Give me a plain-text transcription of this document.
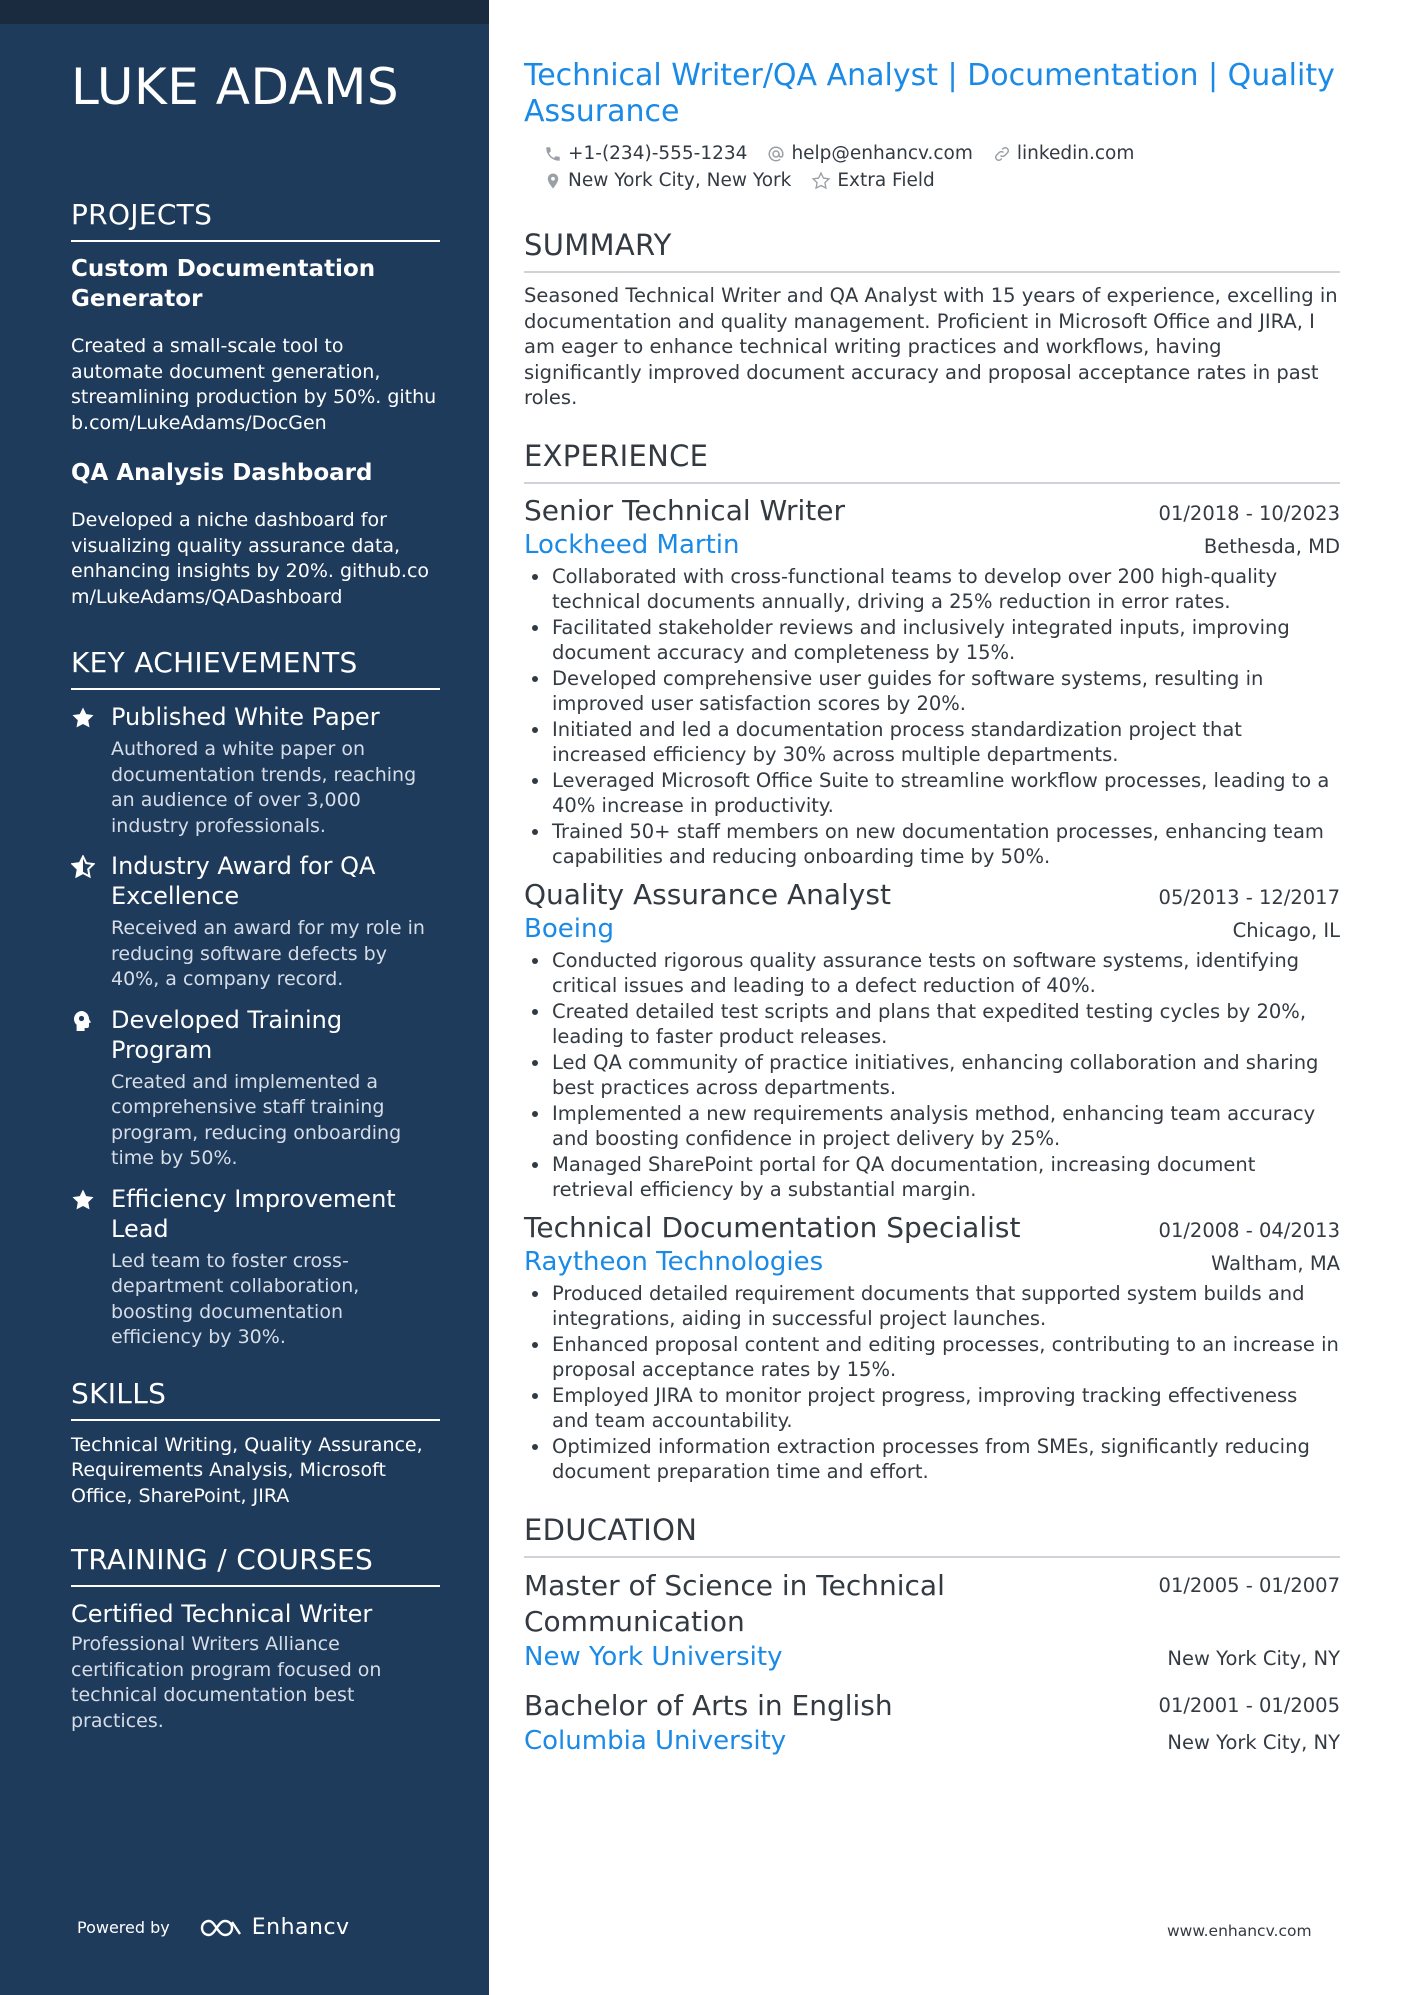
LUKE ADAMS
PROJECTS
Custom Documentation Generator
Created a small-scale tool to automate document generation, streamlining production by 50%. github.com/LukeAdams/DocGen
QA Analysis Dashboard
Developed a niche dashboard for visualizing quality assurance data, enhancing insights by 20%. github.com/LukeAdams/QADashboard
KEY ACHIEVEMENTS
Published White Paper
Authored a white paper on documentation trends, reaching an audience of over 3,000 industry professionals.
Industry Award for QA Excellence
Received an award for my role in reducing software defects by 40%, a company record.
Developed Training Program
Created and implemented a comprehensive staff training program, reducing onboarding time by 50%.
Efficiency Improvement Lead
Led team to foster cross-department collaboration, boosting documentation efficiency by 30%.
SKILLS
Technical Writing, Quality Assurance, Requirements Analysis, Microsoft Office, SharePoint, JIRA
TRAINING / COURSES
Certified Technical Writer
Professional Writers Alliance certification program focused on technical documentation best practices.
Powered by	Enhancv
Technical Writer/QA Analyst | Documentation | Quality Assurance
+1-(234)-555-1234 help@enhancv.com linkedin.com
New York City, New York Extra Field
SUMMARY
Seasoned Technical Writer and QA Analyst with 15 years of experience, excelling in documentation and quality management. Proficient in Microsoft Office and JIRA, I am eager to enhance technical writing practices and workflows, having significantly improved document accuracy and proposal acceptance rates in past roles.
EXPERIENCE
Senior Technical Writer	01/2018 - 10/2023
Lockheed Martin	Bethesda, MD
Collaborated with cross-functional teams to develop over 200 high-quality technical documents annually, driving a 25% reduction in error rates.
Facilitated stakeholder reviews and inclusively integrated inputs, improving document accuracy and completeness by 15%.
Developed comprehensive user guides for software systems, resulting in improved user satisfaction scores by 20%.
Initiated and led a documentation process standardization project that increased efficiency by 30% across multiple departments.
Leveraged Microsoft Office Suite to streamline workflow processes, leading to a 40% increase in productivity.
Trained 50+ staff members on new documentation processes, enhancing team capabilities and reducing onboarding time by 50%.
Quality Assurance Analyst	05/2013 - 12/2017
Boeing	Chicago, IL
Conducted rigorous quality assurance tests on software systems, identifying critical issues and leading to a defect reduction of 40%.
Created detailed test scripts and plans that expedited testing cycles by 20%, leading to faster product releases.
Led QA community of practice initiatives, enhancing collaboration and sharing best practices across departments.
Implemented a new requirements analysis method, enhancing team accuracy and boosting confidence in project delivery by 25%.
Managed SharePoint portal for QA documentation, increasing document retrieval efficiency by a substantial margin.
Technical Documentation Specialist	01/2008 - 04/2013
Raytheon Technologies	Waltham, MA
Produced detailed requirement documents that supported system builds and integrations, aiding in successful project launches.
Enhanced proposal content and editing processes, contributing to an increase in proposal acceptance rates by 15%.
Employed JIRA to monitor project progress, improving tracking effectiveness and team accountability.
Optimized information extraction processes from SMEs, significantly reducing document preparation time and effort.
EDUCATION
Master of Science in Technical Communication
01/2005 - 01/2007
New York University	New York City, NY
Bachelor of Arts in English	01/2001 - 01/2005
Columbia University	New York City, NY
www.enhancv.com
